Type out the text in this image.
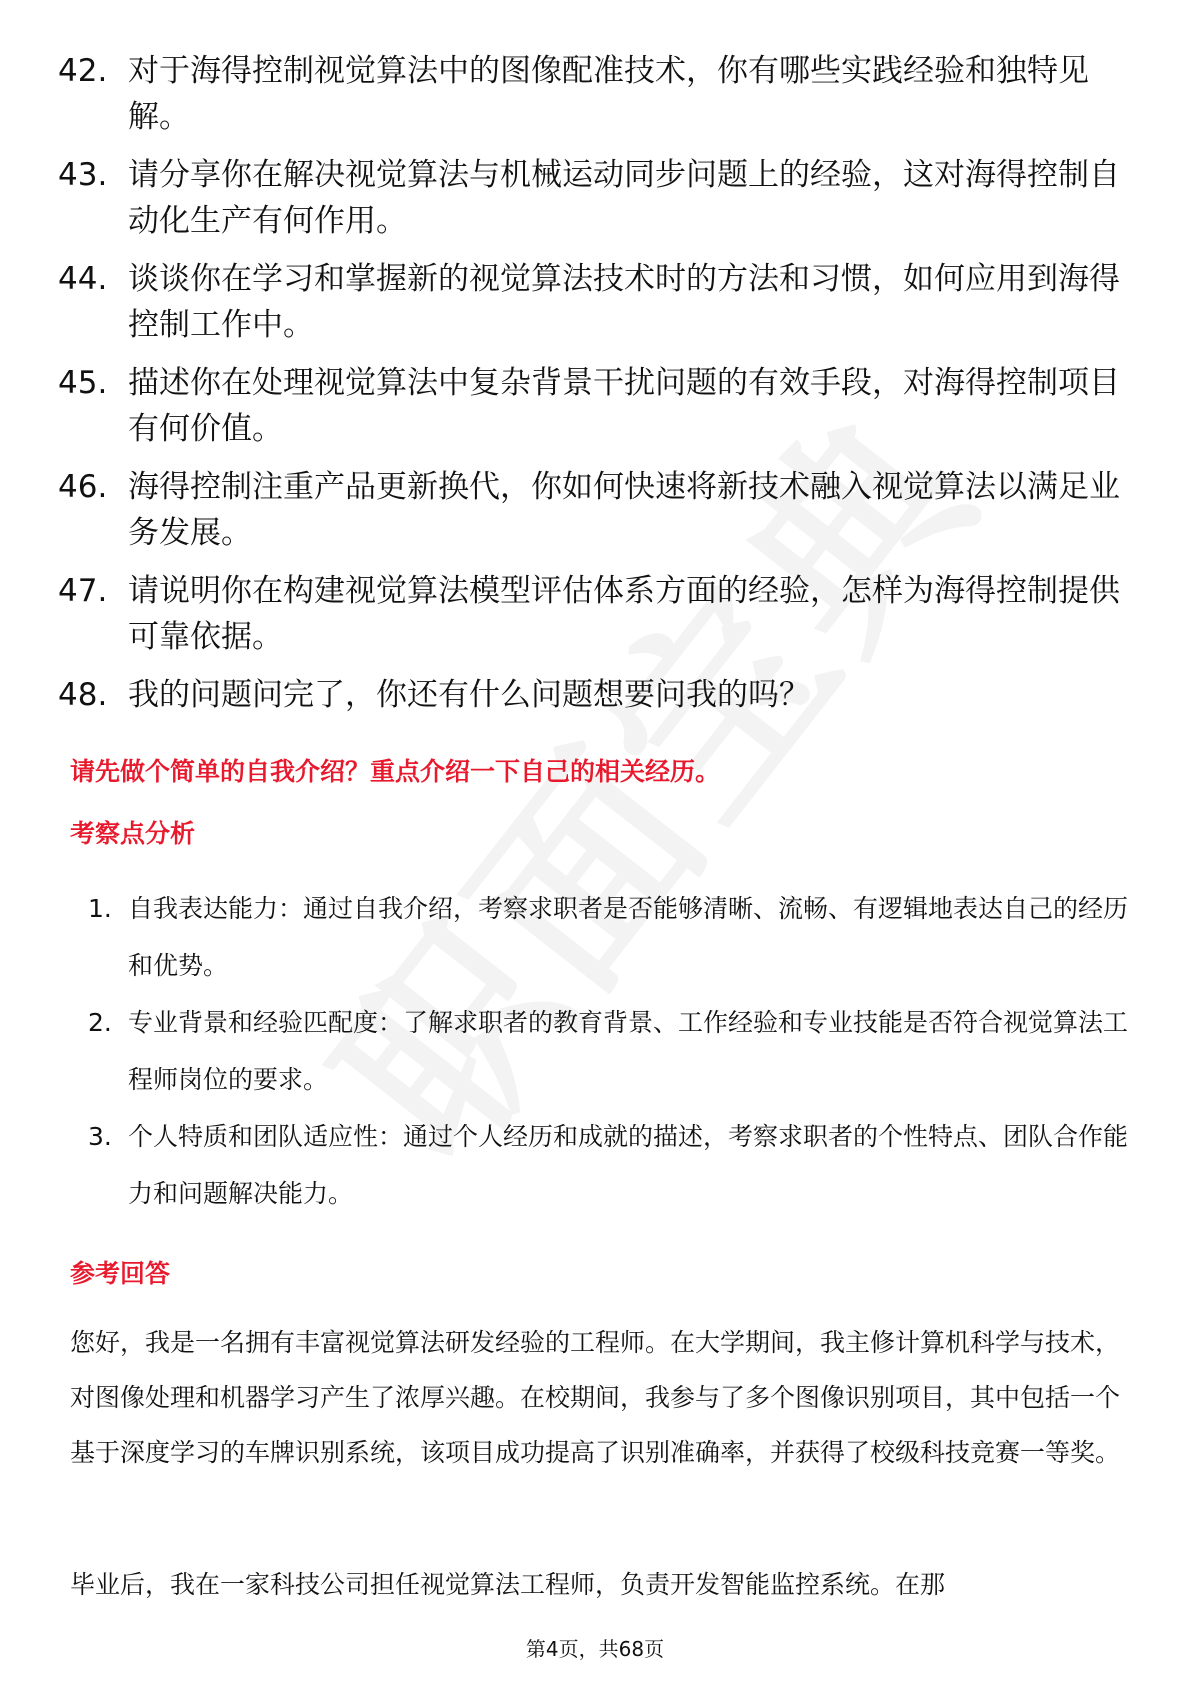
42. 对于海得控制视觉算法中的图像配准技术，你有哪些实践经验和独特见解。
43. 请分享你在解决视觉算法与机械运动同步问题上的经验，这对海得控制自动化生产有何作用。
44. 谈谈你在学习和掌握新的视觉算法技术时的方法和习惯，如何应用到海得控制工作中。
45. 描述你在处理视觉算法中复杂背景干扰问题的有效手段，对海得控制项目有何价值。
46. 海得控制注重产品更新换代，你如何快速将新技术融入视觉算法以满足业务发展。
47. 请说明你在构建视觉算法模型评估体系方面的经验，怎样为海得控制提供可靠依据。
48. 我的问题问完了，你还有什么问题想要问我的吗？
请先做个简单的自我介绍？重点介绍一下自己的相关经历。
考察点分析
1. 自我表达能力：通过自我介绍，考察求职者是否能够清晰、流畅、有逻辑地表达自己的经历和优势。
2. 专业背景和经验匹配度：了解求职者的教育背景、工作经验和专业技能是否符合视觉算法工程师岗位的要求。
3. 个人特质和团队适应性：通过个人经历和成就的描述，考察求职者的个性特点、团队合作能力和问题解决能力。
参考回答
您好，我是一名拥有丰富视觉算法研发经验的工程师。在大学期间，我主修计算机科学与技术，对图像处理和机器学习产生了浓厚兴趣。在校期间，我参与了多个图像识别项目，其中包括一个基于深度学习的车牌识别系统，该项目成功提高了识别准确率，并获得了校级科技竞赛一等奖。
毕业后，我在一家科技公司担任视觉算法工程师，负责开发智能监控系统。在那
第4页，共68页
